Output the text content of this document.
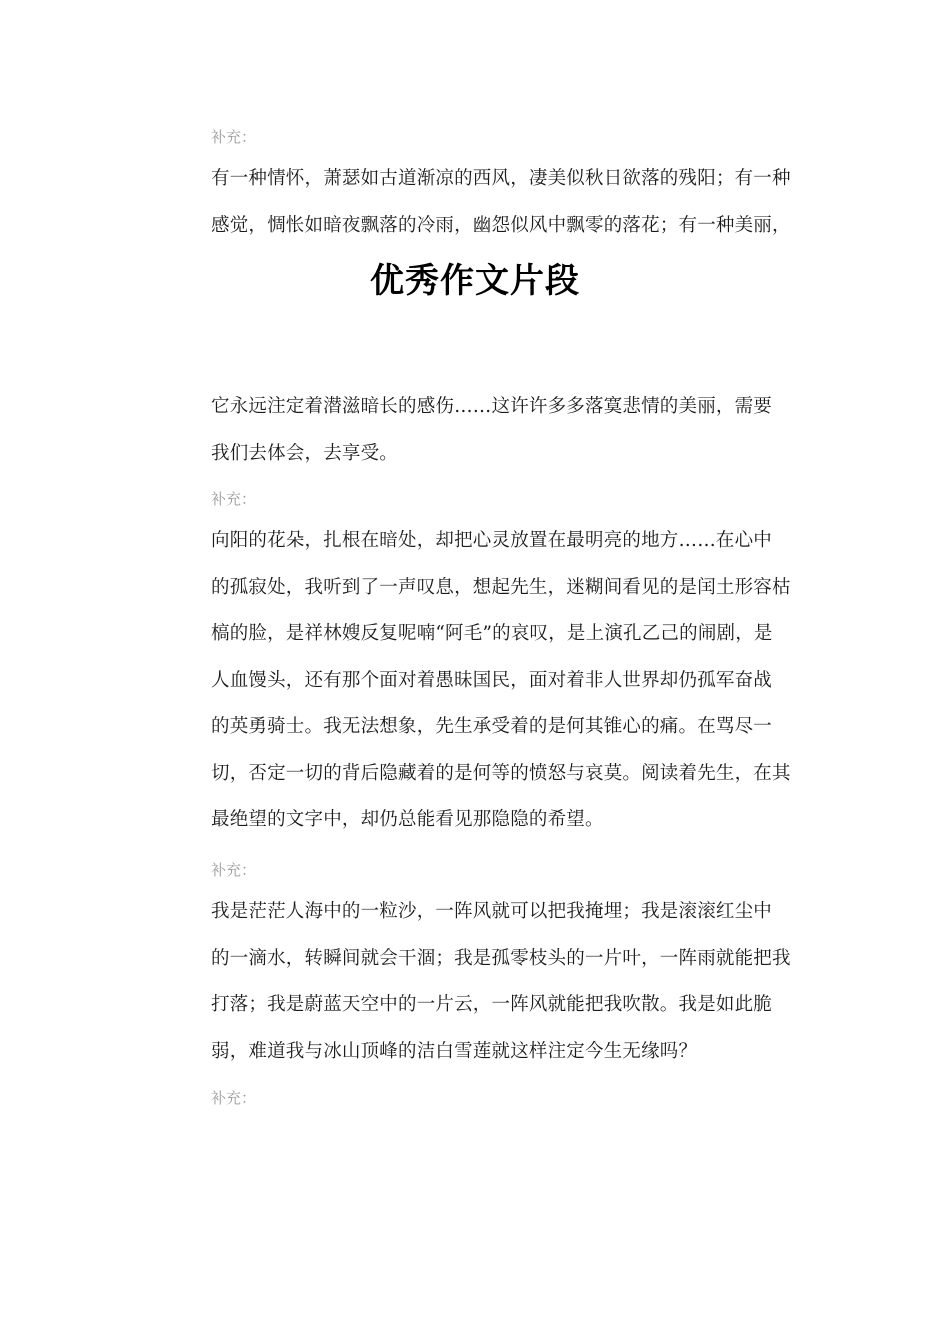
补充：
有一种情怀，萧瑟如古道渐凉的西风，凄美似秋日欲落的残阳；有一种
感觉，惆怅如暗夜飘落的冷雨，幽怨似风中飘零的落花；有一种美丽，
优秀作文片段
它永远注定着潜滋暗长的感伤……这许许多多落寞悲情的美丽，需要
我们去体会，去享受。
补充：
向阳的花朵，扎根在暗处，却把心灵放置在最明亮的地方……在心中
的孤寂处，我听到了一声叹息，想起先生，迷糊间看见的是闰土形容枯
槁的脸，是祥林嫂反复呢喃“阿毛”的哀叹，是上演孔乙己的闹剧，是
人血馒头，还有那个面对着愚昧国民，面对着非人世界却仍孤军奋战
的英勇骑士。我无法想象，先生承受着的是何其锥心的痛。在骂尽一
切，否定一切的背后隐藏着的是何等的愤怒与哀莫。阅读着先生，在其
最绝望的文字中，却仍总能看见那隐隐的希望。
补充：
我是茫茫人海中的一粒沙，一阵风就可以把我掩埋；我是滚滚红尘中
的一滴水，转瞬间就会干涸；我是孤零枝头的一片叶，一阵雨就能把我
打落；我是蔚蓝天空中的一片云，一阵风就能把我吹散。我是如此脆
弱，难道我与冰山顶峰的洁白雪莲就这样注定今生无缘吗？
补充：
